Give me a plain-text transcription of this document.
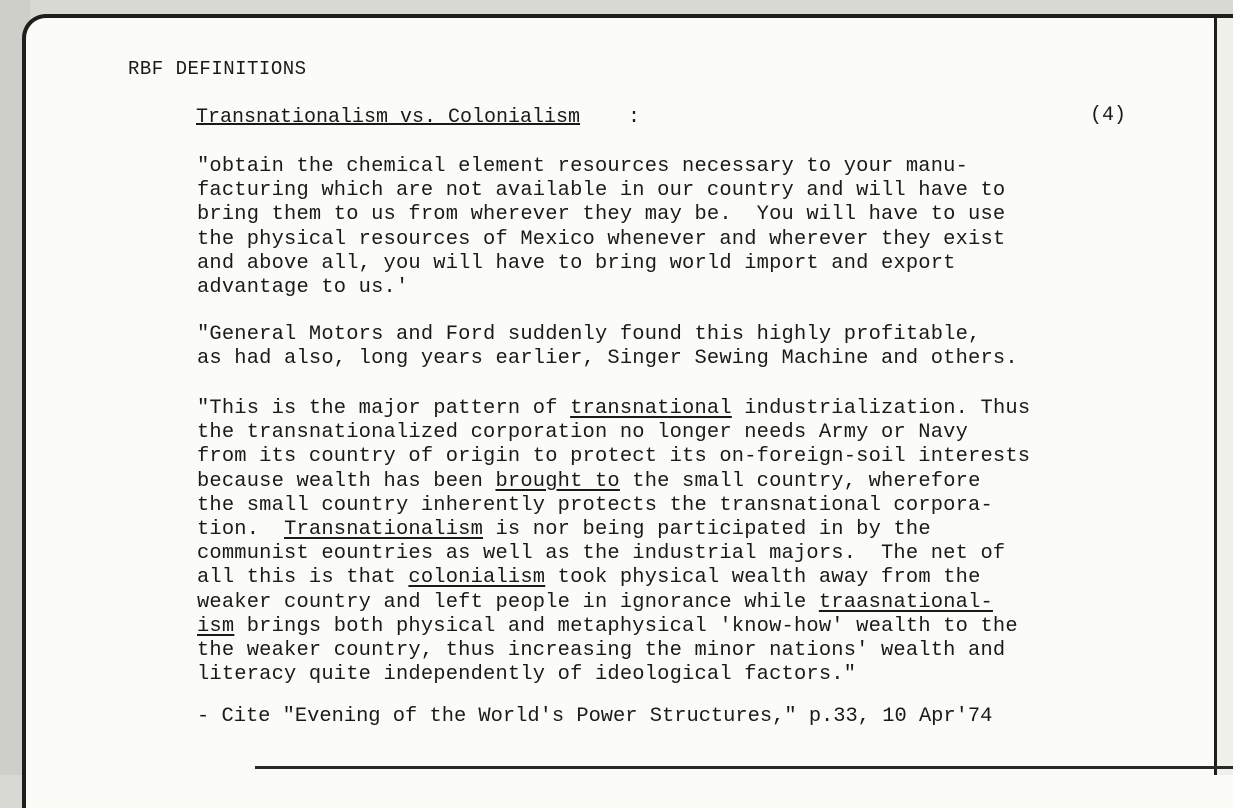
RBF DEFINITIONS
Transnationalism vs. Colonialism :	(4)
"obtain the chemical element resources necessary to your manu-
facturing which are not available in our country and will have to
bring them to us from wherever they may be.  You will have to use
the physical resources of Mexico whenever and wherever they exist
and above all, you will have to bring world import and export
advantage to us.'
"General Motors and Ford suddenly found this highly profitable,
as had also, long years earlier, Singer Sewing Machine and others.
"This is the major pattern of transnational industrialization. Thus
the transnationalized corporation no longer needs Army or Navy
from its country of origin to protect its on-foreign-soil interests
because wealth has been brought to the small country, wherefore
the small country inherently protects the transnational corpora-
tion.  Transnationalism is nor being participated in by the
communist eountries as well as the industrial majors.  The net of
all this is that colonialism took physical wealth away from the
weaker country and left people in ignorance while traasnational-
ism brings both physical and metaphysical 'know-how' wealth to the
the weaker country, thus increasing the minor nations' wealth and
literacy quite independently of ideological factors."
- Cite "Evening of the World's Power Structures," p.33, 10 Apr'74
